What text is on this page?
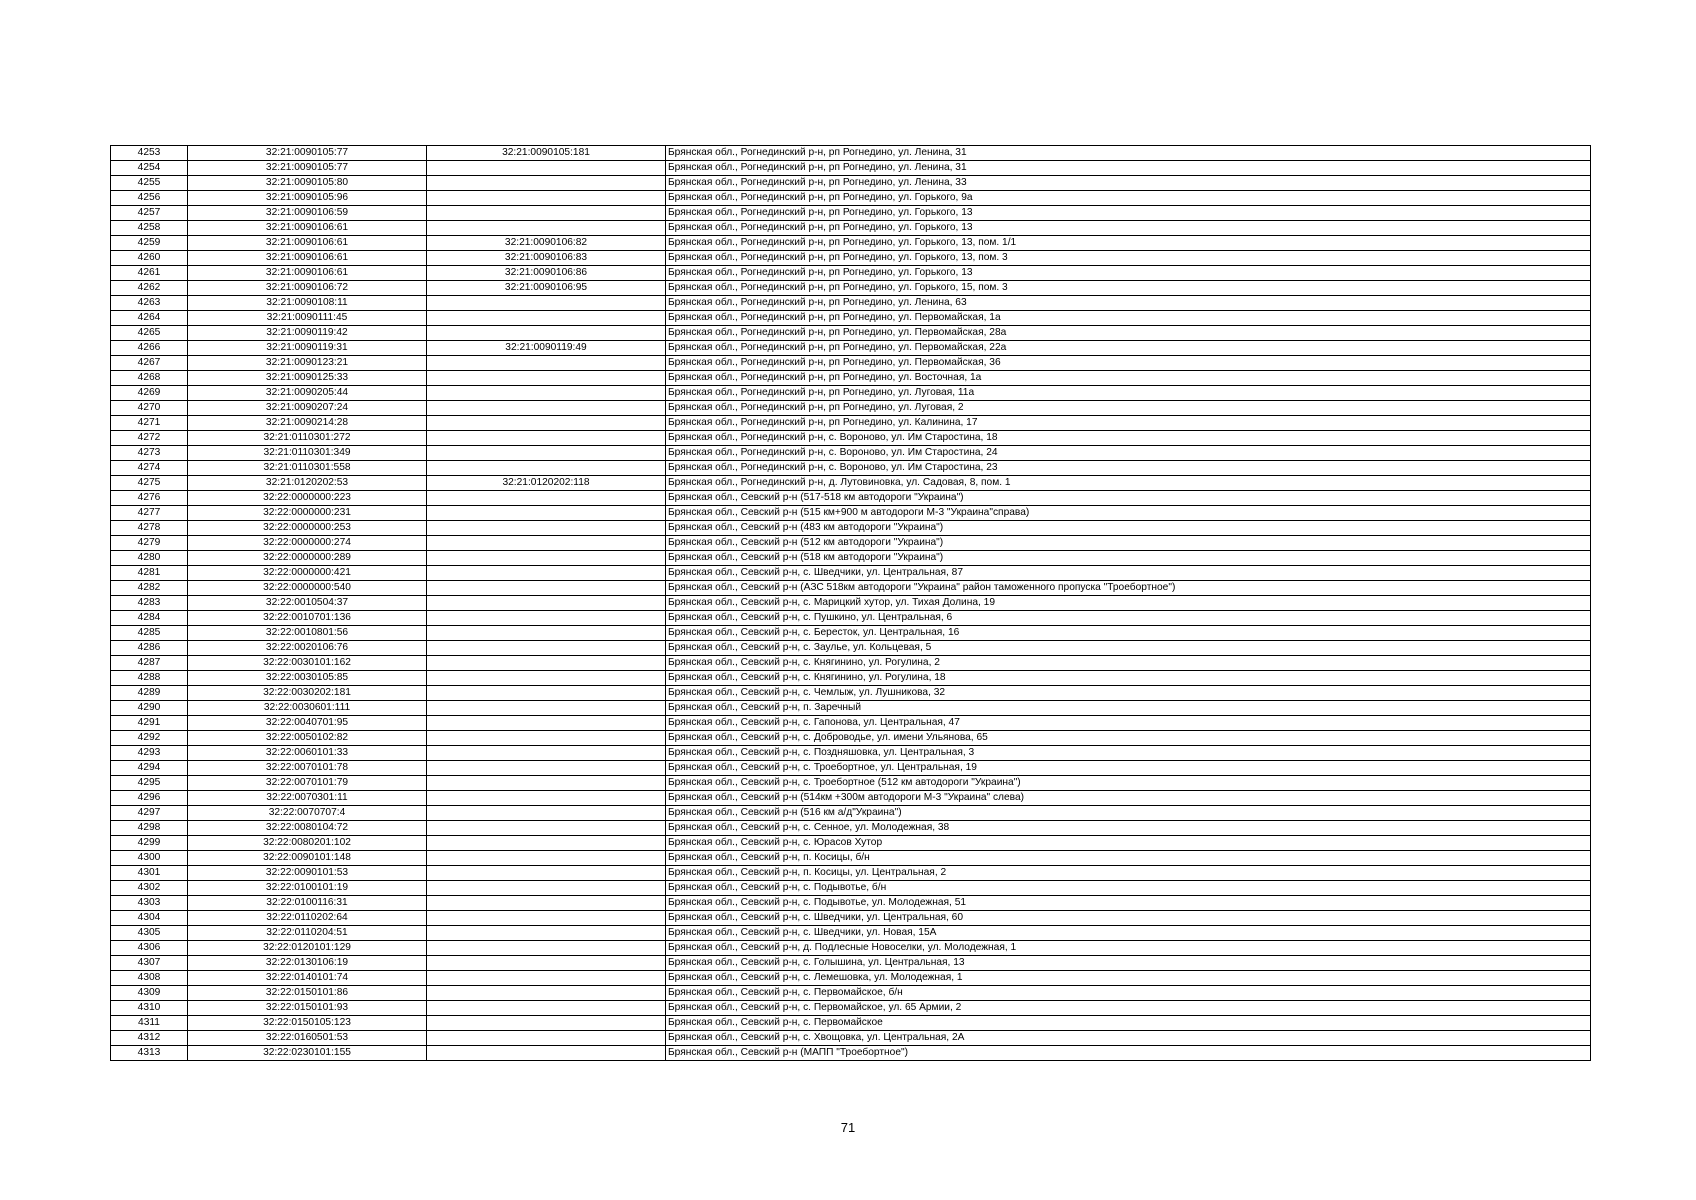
4253	32:21:0090105:77	32:21:0090105:181	Брянская обл., Рогнединский р-н, рп Рогнедино, ул. Ленина, 31
4254	32:21:0090105:77		Брянская обл., Рогнединский р-н, рп Рогнедино, ул. Ленина, 31
4255	32:21:0090105:80		Брянская обл., Рогнединский р-н, рп Рогнедино, ул. Ленина, 33
4256	32:21:0090105:96		Брянская обл., Рогнединский р-н, рп Рогнедино, ул. Горького, 9а
4257	32:21:0090106:59		Брянская обл., Рогнединский р-н, рп Рогнедино, ул. Горького, 13
4258	32:21:0090106:61		Брянская обл., Рогнединский р-н, рп Рогнедино, ул. Горького, 13
4259	32:21:0090106:61	32:21:0090106:82	Брянская обл., Рогнединский р-н, рп Рогнедино, ул. Горького, 13, пом. 1/1
4260	32:21:0090106:61	32:21:0090106:83	Брянская обл., Рогнединский р-н, рп Рогнедино, ул. Горького, 13, пом. 3
4261	32:21:0090106:61	32:21:0090106:86	Брянская обл., Рогнединский р-н, рп Рогнедино, ул. Горького, 13
4262	32:21:0090106:72	32:21:0090106:95	Брянская обл., Рогнединский р-н, рп Рогнедино, ул. Горького, 15, пом. 3
4263	32:21:0090108:11		Брянская обл., Рогнединский р-н, рп Рогнедино, ул. Ленина, 63
4264	32:21:0090111:45		Брянская обл., Рогнединский р-н, рп Рогнедино, ул. Первомайская, 1а
4265	32:21:0090119:42		Брянская обл., Рогнединский р-н, рп Рогнедино, ул. Первомайская, 28а
4266	32:21:0090119:31	32:21:0090119:49	Брянская обл., Рогнединский р-н, рп Рогнедино, ул. Первомайская, 22а
4267	32:21:0090123:21		Брянская обл., Рогнединский р-н, рп Рогнедино, ул. Первомайская, 36
4268	32:21:0090125:33		Брянская обл., Рогнединский р-н, рп Рогнедино, ул. Восточная, 1а
4269	32:21:0090205:44		Брянская обл., Рогнединский р-н, рп Рогнедино, ул. Луговая, 11а
4270	32:21:0090207:24		Брянская обл., Рогнединский р-н, рп Рогнедино, ул. Луговая, 2
4271	32:21:0090214:28		Брянская обл., Рогнединский р-н, рп Рогнедино, ул. Калинина, 17
4272	32:21:0110301:272		Брянская обл., Рогнединский р-н, с. Вороново, ул. Им Старостина, 18
4273	32:21:0110301:349		Брянская обл., Рогнединский р-н, с. Вороново, ул. Им Старостина, 24
4274	32:21:0110301:558		Брянская обл., Рогнединский р-н, с. Вороново, ул. Им Старостина, 23
4275	32:21:0120202:53	32:21:0120202:118	Брянская обл., Рогнединский р-н, д. Лутовиновка, ул. Садовая, 8, пом. 1
4276	32:22:0000000:223		Брянская обл., Севский р-н (517-518 км автодороги "Украина")
4277	32:22:0000000:231		Брянская обл., Севский р-н (515 км+900 м автодороги М-3 "Украина"справа)
4278	32:22:0000000:253		Брянская обл., Севский р-н (483 км автодороги "Украина")
4279	32:22:0000000:274		Брянская обл., Севский р-н (512 км автодороги "Украина")
4280	32:22:0000000:289		Брянская обл., Севский р-н (518 км автодороги "Украина")
4281	32:22:0000000:421		Брянская обл., Севский р-н, с. Шведчики, ул. Центральная, 87
4282	32:22:0000000:540		Брянская обл., Севский р-н (АЗС 518км автодороги "Украина" район таможенного пропуска "Троебортное")
4283	32:22:0010504:37		Брянская обл., Севский р-н, с. Марицкий хутор, ул. Тихая Долина, 19
4284	32:22:0010701:136		Брянская обл., Севский р-н, с. Пушкино, ул. Центральная, 6
4285	32:22:0010801:56		Брянская обл., Севский р-н, с. Бересток, ул. Центральная, 16
4286	32:22:0020106:76		Брянская обл., Севский р-н, с. Заулье, ул. Кольцевая, 5
4287	32:22:0030101:162		Брянская обл., Севский р-н, с. Княгинино, ул. Рогулина, 2
4288	32:22:0030105:85		Брянская обл., Севский р-н, с. Княгинино, ул. Рогулина, 18
4289	32:22:0030202:181		Брянская обл., Севский р-н, с. Чемлыж, ул. Лушникова, 32
4290	32:22:0030601:111		Брянская обл., Севский р-н, п. Заречный
4291	32:22:0040701:95		Брянская обл., Севский р-н, с. Гапонова, ул. Центральная, 47
4292	32:22:0050102:82		Брянская обл., Севский р-н, с. Доброводье, ул. имени Ульянова, 65
4293	32:22:0060101:33		Брянская обл., Севский р-н, с. Поздняшовка, ул. Центральная, 3
4294	32:22:0070101:78		Брянская обл., Севский р-н, с. Троебортное, ул. Центральная, 19
4295	32:22:0070101:79		Брянская обл., Севский р-н, с. Троебортное (512 км автодороги "Украина")
4296	32:22:0070301:11		Брянская обл., Севский р-н (514км +300м автодороги М-3 "Украина" слева)
4297	32:22:0070707:4		Брянская обл., Севский р-н (516 км а/д"Украина")
4298	32:22:0080104:72		Брянская обл., Севский р-н, с. Сенное, ул. Молодежная, 38
4299	32:22:0080201:102		Брянская обл., Севский р-н, с. Юрасов Хутор
4300	32:22:0090101:148		Брянская обл., Севский р-н, п. Косицы, б/н
4301	32:22:0090101:53		Брянская обл., Севский р-н, п. Косицы, ул. Центральная, 2
4302	32:22:0100101:19		Брянская обл., Севский р-н, с. Подывотье, б/н
4303	32:22:0100116:31		Брянская обл., Севский р-н, с. Подывотье, ул. Молодежная, 51
4304	32:22:0110202:64		Брянская обл., Севский р-н, с. Шведчики, ул. Центральная, 60
4305	32:22:0110204:51		Брянская обл., Севский р-н, с. Шведчики, ул. Новая, 15А
4306	32:22:0120101:129		Брянская обл., Севский р-н, д. Подлесные Новоселки, ул. Молодежная, 1
4307	32:22:0130106:19		Брянская обл., Севский р-н, с. Голышина, ул. Центральная, 13
4308	32:22:0140101:74		Брянская обл., Севский р-н, с. Лемешовка, ул. Молодежная, 1
4309	32:22:0150101:86		Брянская обл., Севский р-н, с. Первомайское, б/н
4310	32:22:0150101:93		Брянская обл., Севский р-н, с. Первомайское, ул. 65 Армии, 2
4311	32:22:0150105:123		Брянская обл., Севский р-н, с. Первомайское
4312	32:22:0160501:53		Брянская обл., Севский р-н, с. Хвощовка, ул. Центральная, 2А
4313	32:22:0230101:155		Брянская обл., Севский р-н (МАПП "Троебортное")
71
